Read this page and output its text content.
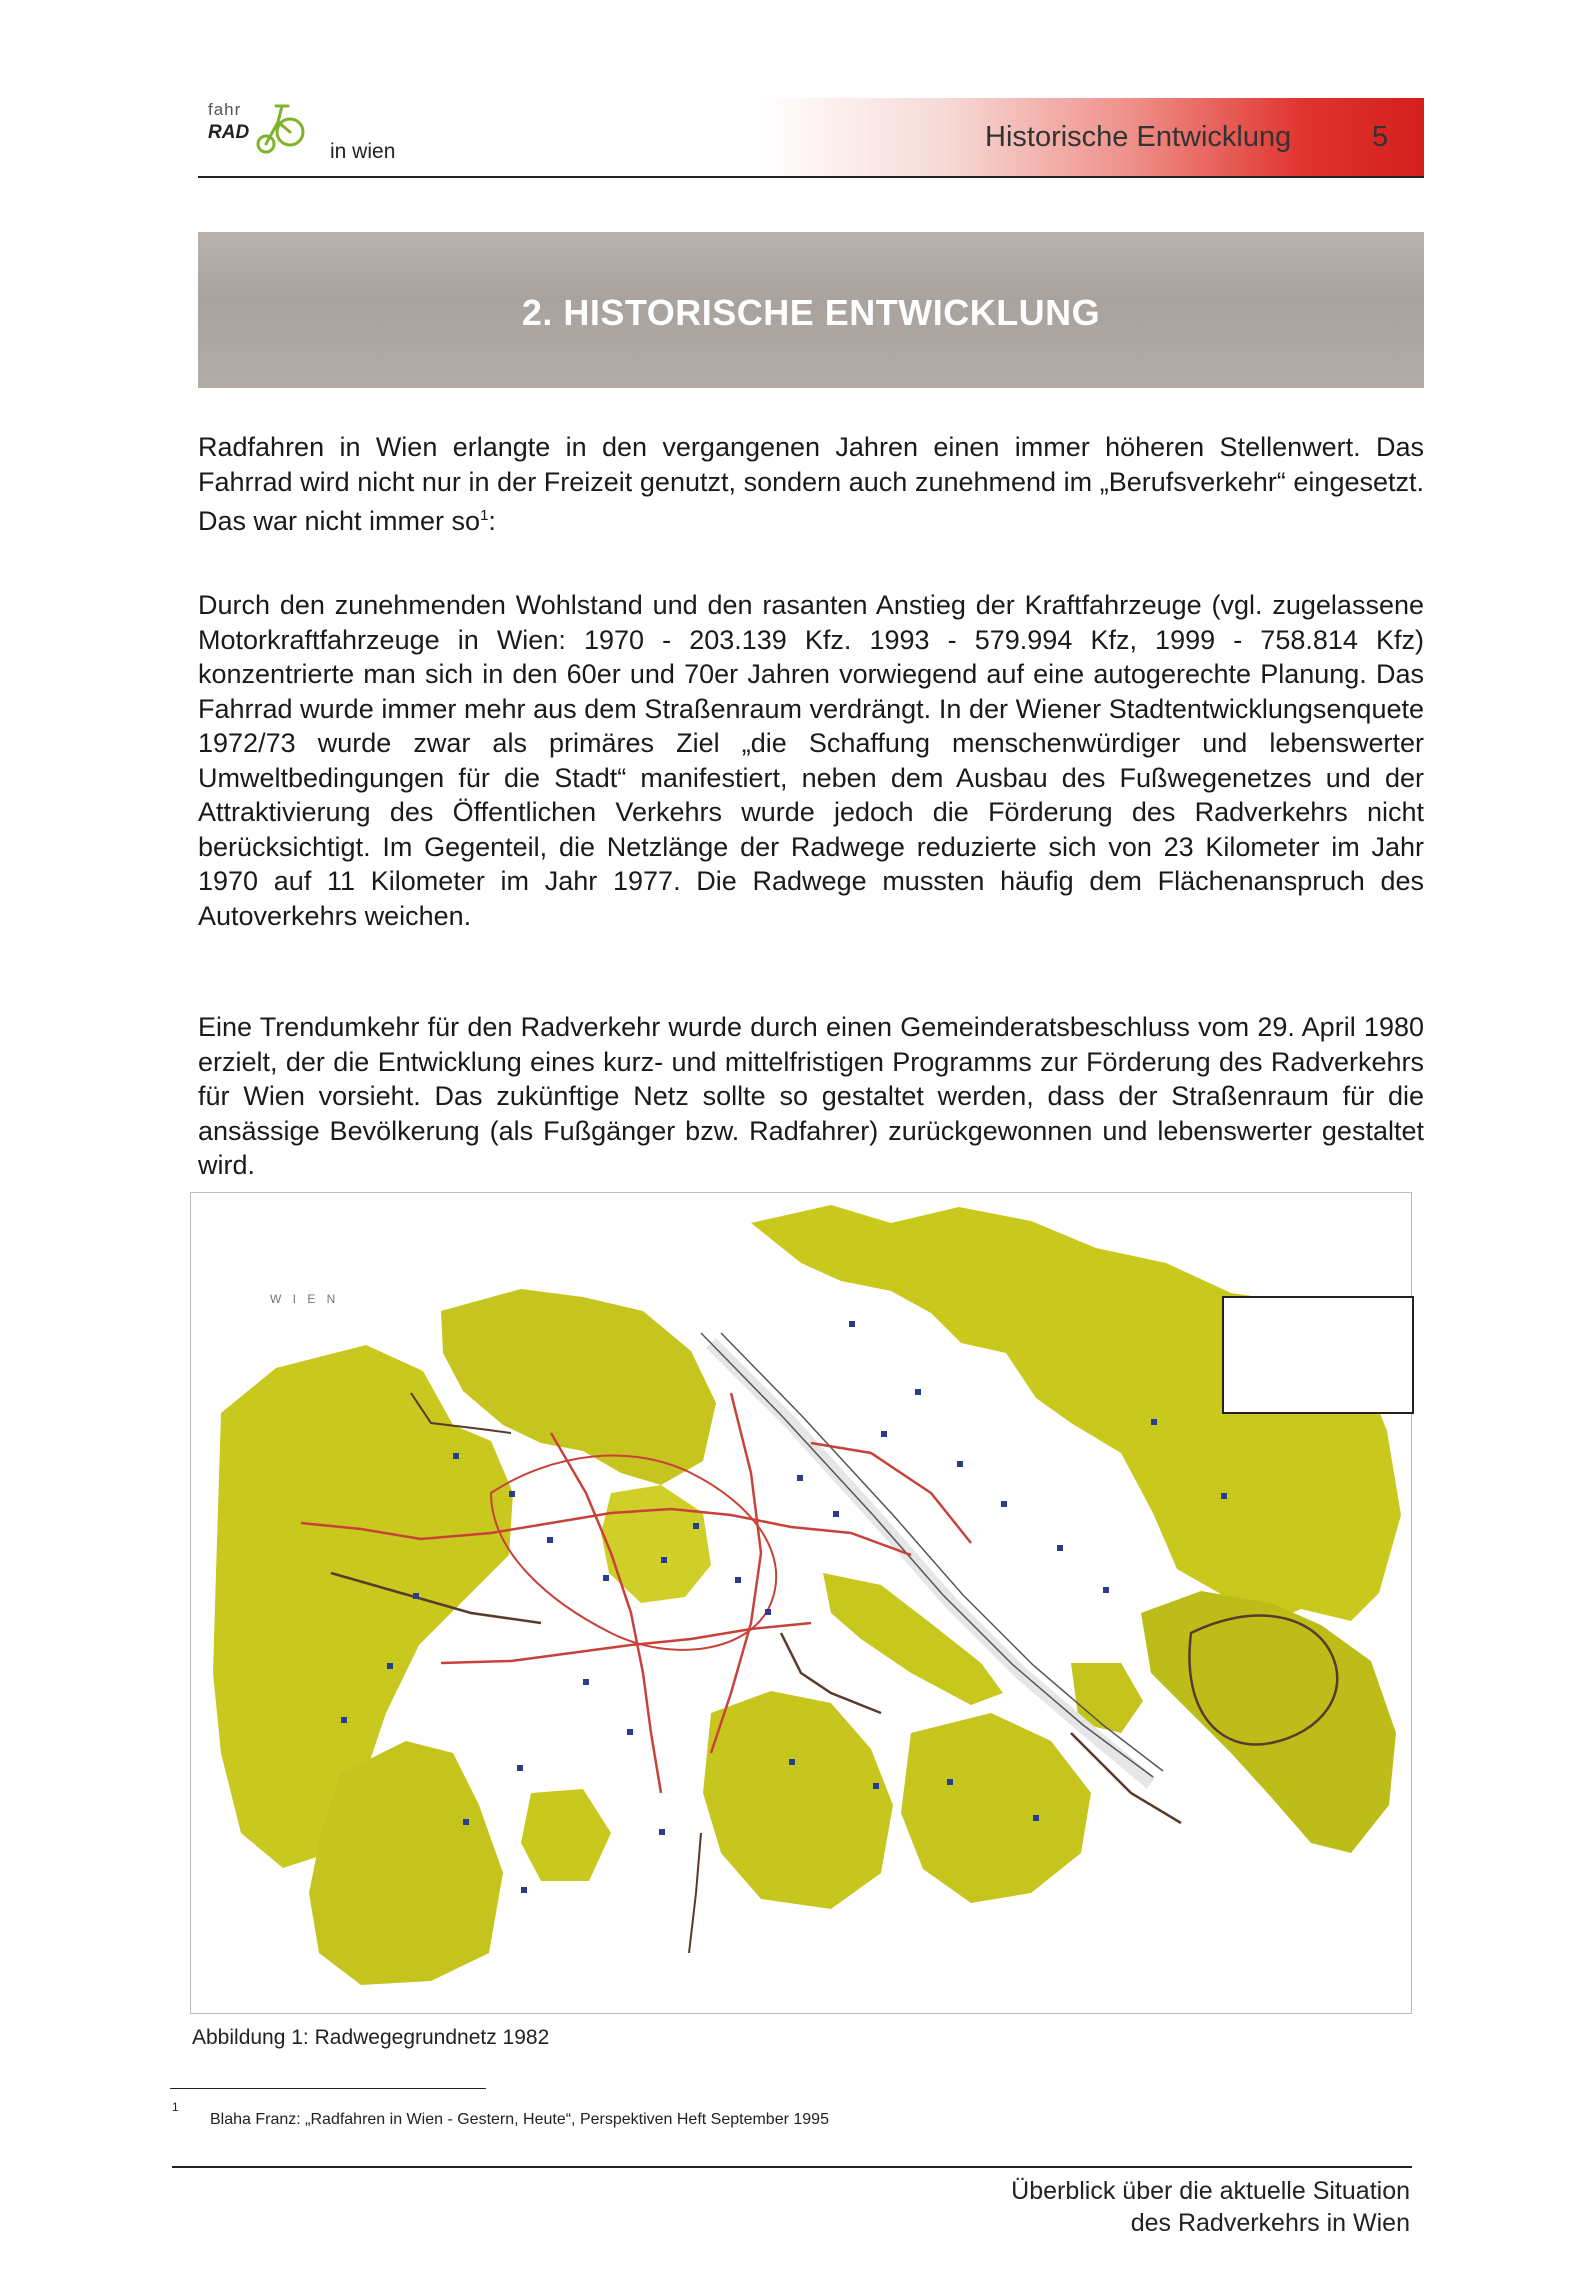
fahr
RAD
in wien	Historische Entwicklung	5
2. HISTORISCHE ENTWICKLUNG

Radfahren in Wien erlangte in den vergangenen Jahren einen immer höheren Stellenwert. Das Fahrrad wird nicht nur in der Freizeit genutzt, sondern auch zunehmend im „Berufsverkehr“ eingesetzt. Das war nicht immer $so^1$:

Durch den zunehmenden Wohlstand und den rasanten Anstieg der Kraftfahrzeuge (vgl. zugelassene Motorkraftfahrzeuge in Wien: 1970 - 203.139 Kfz. 1993 - 579.994 Kfz, 1999 - 758.814 Kfz) konzentrierte man sich in den 60er und 70er Jahren vorwiegend auf eine autogerechte Planung. Das Fahrrad wurde immer mehr aus dem Straßenraum verdrängt. In der Wiener Stadtentwicklungsenquete 1972/73 wurde zwar als primäres Ziel „die Schaffung menschenwürdiger und lebenswerter Umweltbedingungen für die Stadt“ manifestiert, neben dem Ausbau des Fußwegenetzes und der Attraktivierung des Öffentlichen Verkehrs wurde jedoch die Förderung des Radverkehrs nicht berücksichtigt. Im Gegenteil, die Netzlänge der Radwege reduzierte sich von 23 Kilometer im Jahr 1970 auf 11 Kilometer im Jahr 1977. Die Radwege mussten häufig dem Flächenanspruch des Autoverkehrs weichen.

Eine Trendumkehr für den Radverkehr wurde durch einen Gemeinderatsbeschluss vom 29. April 1980 erzielt, der die Entwicklung eines kurz- und mittelfristigen Programms zur Förderung des Radverkehrs für Wien vorsieht. Das zukünftige Netz sollte so gestaltet werden, dass der Straßenraum für die ansässige Bevölkerung (als Fußgänger bzw. Radfahrer) zurückgewonnen und lebenswerter gestaltet wird.

W I E N
Abbildung 1: Radwegegrundnetz 1982
1
Blaha Franz: „Radfahren in Wien - Gestern, Heute“, Perspektiven Heft September 1995
Überblick über die aktuelle Situation
des Radverkehrs in Wien
